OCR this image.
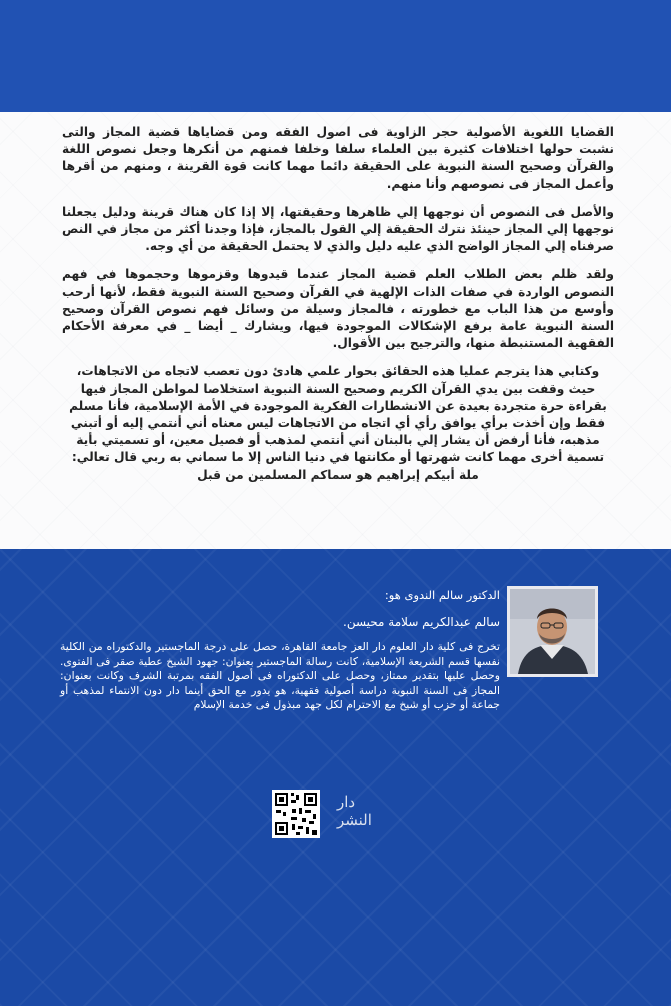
القضايا اللغوية الأصولية حجر الزاوية فى اصول الفقه ومن قضاياها قضية المجاز والتى نشبت حولها اختلافات كثيرة بين العلماء سلفا وخلفا فمنهم من أنكرها وجعل نصوص اللغة والقرآن وصحيح السنة النبوية على الحقيقة دائما مهما كانت قوة القرينة ، ومنهم من أقرها وأعمل المجاز فى نصوصهم وأنا منهم.

والأصل فى النصوص أن نوجهها إلي ظاهرها وحقيقتها، إلا إذا كان هناك قرينة ودليل يجعلنا نوجهها إلي المجاز حينئذ نترك الحقيقة إلي القول بالمجاز، فإذا وجدنا أكثر من مجاز في النص صرفناه إلي المجاز الواضح الذي عليه دليل والذي لا يحتمل الحقيقة من أي وجه.

ولقد ظلم بعض الطلاب العلم قضية المجاز عندما قيدوها وقزموها وحجموها في فهم النصوص الواردة في صفات الذات الإلهية في القرآن وصحيح السنة النبوية فقط، لأنها أرحب وأوسع من هذا الباب مع خطورته ، فالمجاز وسيلة من وسائل فهم نصوص القرآن وصحيح السنة النبوية عامة برفع الإشكالات الموجودة فيها، ويشارك _ أيضا _ في معرفة الأحكام الفقهية المستنبطة منها، والترجيح بين الأقوال.

وكتابي هذا يترجم عمليا هذه الحقائق بحوار علمي هادئ دون تعصب لاتجاه من الاتجاهات، حيث وقفت بين يدي القرآن الكريم وصحيح السنة النبوية استخلاصا لمواطن المجاز فيها بقراءة حرة متجردة بعيدة عن الانشطارات الفكرية الموجودة في الأمة الإسلامية، فأنا مسلم فقط وإن أخذت برأي يوافق رأي أي اتجاه من الاتجاهات ليس معناه أني أنتمي إليه أو أتبني مذهبه، فأنا أرفض أن يشار إلي بالبنان أني أنتمي لمذهب أو فصيل معين، أو تسميتي بأية تسمية أخرى مهما كانت شهرتها أو مكانتها في دنيا الناس إلا ما سماني به ربي قال تعالي: ملة أبيكم إبراهيم هو سماكم المسلمين من قبل

الدكتور سالم الندوى هو:
سالم عبدالكريم سلامة محيسن.
تخرج فى كلية دار العلوم دار العز جامعة القاهرة، حصل على درجة الماجستير والدكتوراه من الكلية نفسها قسم الشريعة الإسلامية، كانت رسالة الماجستير بعنوان: جهود الشيخ عطية صقر فى الفتوى. وحصل عليها بتقدير ممتاز، وحصل على الدكتوراه فى أصول الفقه بمرتبة الشرف وكانت بعنوان: المجاز فى السنة النبوية دراسة أصولية فقهية، هو يدور مع الحق أينما دار دون الانتماء لمذهب أو جماعة أو حزب أو شيخ مع الاحترام لكل جهد مبذول فى خدمة الإسلام
دار النشر
